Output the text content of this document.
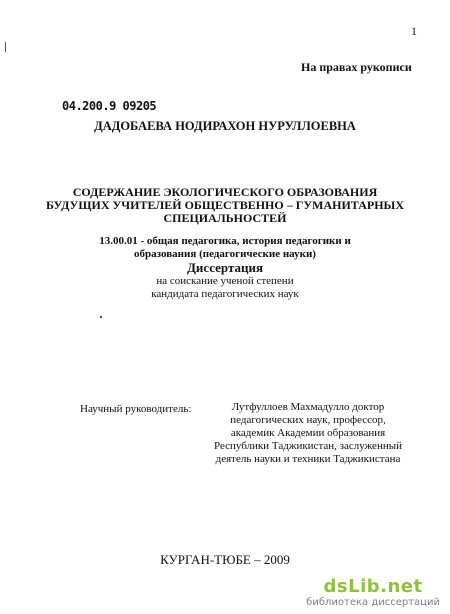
1

На правах рукописи

04.200.9 09205

ДАДОБАЕВА НОДИРАХОН НУРУЛЛОЕВНА

СОДЕРЖАНИЕ ЭКОЛОГИЧЕСКОГО ОБРАЗОВАНИЯ
БУДУЩИХ УЧИТЕЛЕЙ ОБЩЕСТВЕННО – ГУМАНИТАРНЫХ
СПЕЦИАЛЬНОСТЕЙ
13.00.01 - общая педагогика, история педагогики и
образования (педагогические науки)

Диссертация

на соискание ученой степени
кандидата педагогических наук

Научный руководитель:	Лутфуллоев Махмадулло доктор
педагогических наук, профессор,
академик Академии образования
Республики Таджикистан, заслуженный
деятель науки и техники Таджикистана

КУРГАН-ТЮБЕ – 2009

dsLib.net
библиотека диссертаций
